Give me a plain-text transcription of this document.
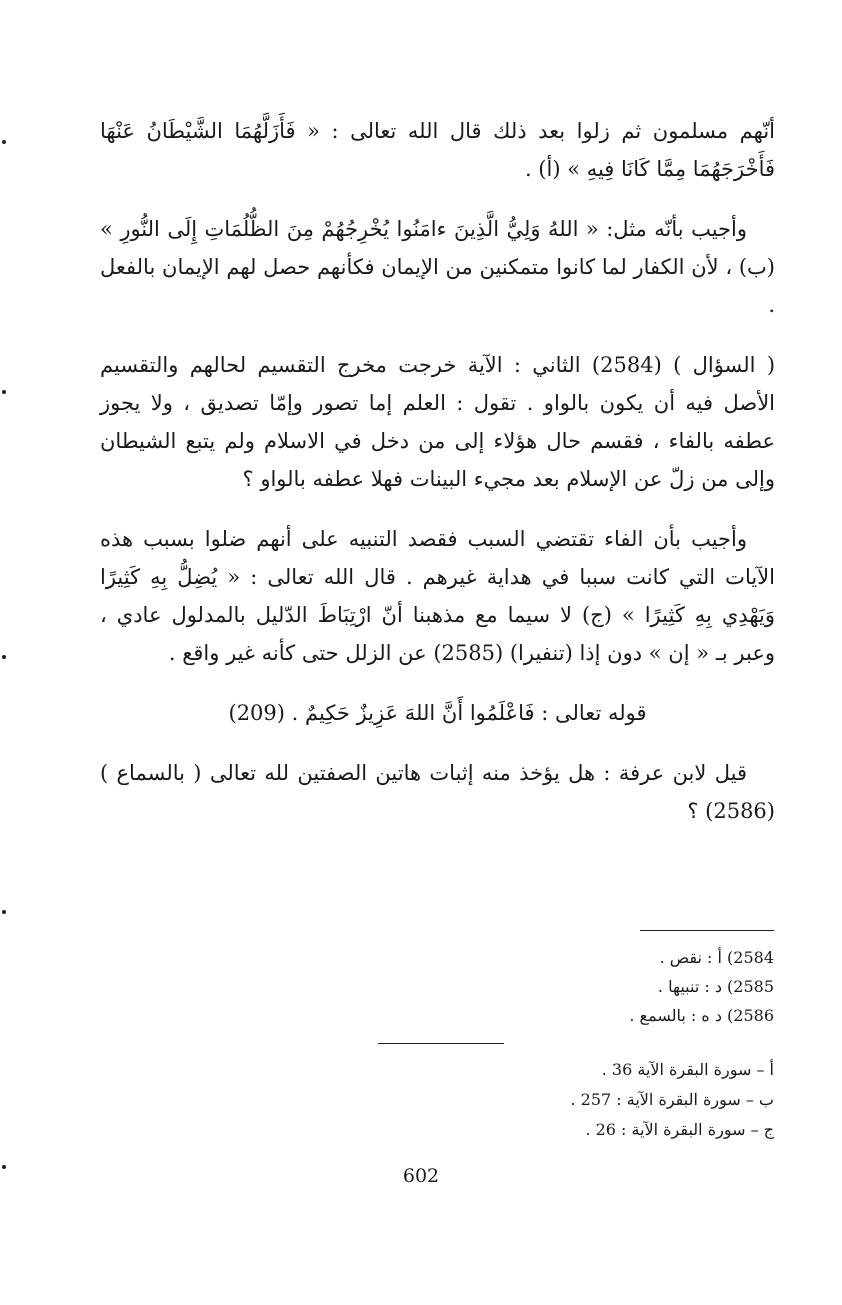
أنّهم مسلمون ثم زلوا بعد ذلك قال الله تعالى : « فَأَزَلَّهُمَا الشَّيْطَانُ عَنْهَا فَأَخْرَجَهُمَا مِمَّا كَانَا فِيهِ » (أ) .

وأجيب بأنّه مثل: « اللهُ وَلِيُّ الَّذِينَ ءامَنُوا يُخْرِجُهُمْ مِنَ الظُّلُمَاتِ إِلَى النُّورِ » (ب) ، لأن الكفار لما كانوا متمكنين من الإيمان فكأنهم حصل لهم الإيمان بالفعل .

( السؤال ) (2584) الثاني : الآية خرجت مخرج التقسيم لحالهم والتقسيم الأصل فيه أن يكون بالواو . تقول : العلم إما تصور وإمّا تصديق ، ولا يجوز عطفه بالفاء ، فقسم حال هؤلاء إلى من دخل في الاسلام ولم يتبع الشيطان وإلى من زلّ عن الإسلام بعد مجيء البينات فهلا عطفه بالواو ؟

وأجيب بأن الفاء تقتضي السبب فقصد التنبيه على أنهم ضلوا بسبب هذه الآيات التي كانت سببا في هداية غيرهم . قال الله تعالى : « يُضِلُّ بِهِ كَثِيرًا وَيَهْدِي بِهِ كَثِيرًا » (ج) لا سيما مع مذهبنا أنّ ارْتِبَاطَ الدّليل بالمدلول عادي ، وعبر بـ « إن » دون إذا (تنفيرا) (2585) عن الزلل حتى كأنه غير واقع .

قوله تعالى : فَاعْلَمُوا أَنَّ اللهَ عَزِيزٌ حَكِيمٌ . (209)

قيل لابن عرفة : هل يؤخذ منه إثبات هاتين الصفتين لله تعالى ( بالسماع ) (2586) ؟

2584) أ : نقص .

2585) د : تنبيها .

2586) د ه : بالسمع .

أ – سورة البقرة الآية 36 .

ب – سورة البقرة الآية : 257 .

ج – سورة البقرة الآية : 26 .

602
